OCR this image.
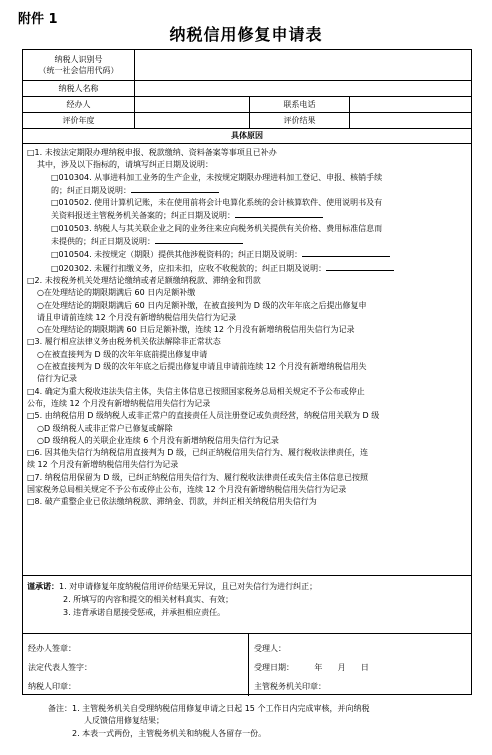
附件 1
纳税信用修复申请表
纳税人识别号
（统一社会信用代码）
纳税人名称
经办人	联系电话
评价年度	评价结果
具体原因
□1. 未按法定期限办理纳税申报、税款缴纳、资料备案等事项且已补办
其中，涉及以下指标的，请填写纠正日期及说明：
□010304. 从事进料加工业务的生产企业，未按规定期限办理进料加工登记、申报、核销手续
的；纠正日期及说明：
□010502. 使用计算机记账，未在使用前将会计电算化系统的会计核算软件、使用说明书及有
关资料报送主管税务机关备案的；纠正日期及说明：
□010503. 纳税人与其关联企业之间的业务往来应向税务机关提供有关价格、费用标准信息而
未提供的；纠正日期及说明：
□010504. 未按规定（期限）提供其他涉税资料的；纠正日期及说明：
□020302. 未履行扣缴义务，应扣未扣，应收不收税款的；纠正日期及说明：
□2. 未按税务机关处理结论缴纳或者足额缴纳税款、滞纳金和罚款
○在处理结论的期限期满后 60 日内足额补缴
○在处理结论的期限期满后 60 日内足额补缴，在被直接判为 D 级的次年年底之后提出修复申
请且申请前连续 12 个月没有新增纳税信用失信行为记录
○在处理结论的期限期满 60 日后足额补缴，连续 12 个月没有新增纳税信用失信行为记录
□3. 履行相应法律义务由税务机关依法解除非正常状态
○在被直接判为 D 级的次年年底前提出修复申请
○在被直接判为 D 级的次年年底之后提出修复申请且申请前连续 12 个月没有新增纳税信用失
信行为记录
□4. 确定为重大税收违法失信主体，失信主体信息已按照国家税务总局相关规定不予公布或停止
公布，连续 12 个月没有新增纳税信用失信行为记录
□5. 由纳税信用 D 级纳税人或非正常户的直接责任人员注册登记或负责经营，纳税信用关联为 D 级
○D 级纳税人或非正常户已修复或解除
○D 级纳税人的关联企业连续 6 个月没有新增纳税信用失信行为记录
□6. 因其他失信行为纳税信用直接判为 D 级，已纠正纳税信用失信行为、履行税收法律责任，连
续 12 个月没有新增纳税信用失信行为记录
□7. 纳税信用保留为 D 级，已纠正纳税信用失信行为、履行税收法律责任或失信主体信息已按照
国家税务总局相关规定不予公布或停止公布，连续 12 个月没有新增纳税信用失信行为记录
□8. 破产重整企业已依法缴纳税款、滞纳金、罚款，并纠正相关纳税信用失信行为
谨承诺：1. 对申请修复年度纳税信用评价结果无异议，且已对失信行为进行纠正；
2. 所填写的内容和提交的相关材料真实、有效；
3. 违背承诺自愿接受惩戒，并承担相应责任。
经办人签章：
法定代表人签字：
纳税人印章：
受理人：
受理日期：        年      月      日
主管税务机关印章：
备注：1. 主管税务机关自受理纳税信用修复申请之日起 15 个工作日内完成审核，并向纳税
人反馈信用修复结果；
2. 本表一式两份，主管税务机关和纳税人各留存一份。
